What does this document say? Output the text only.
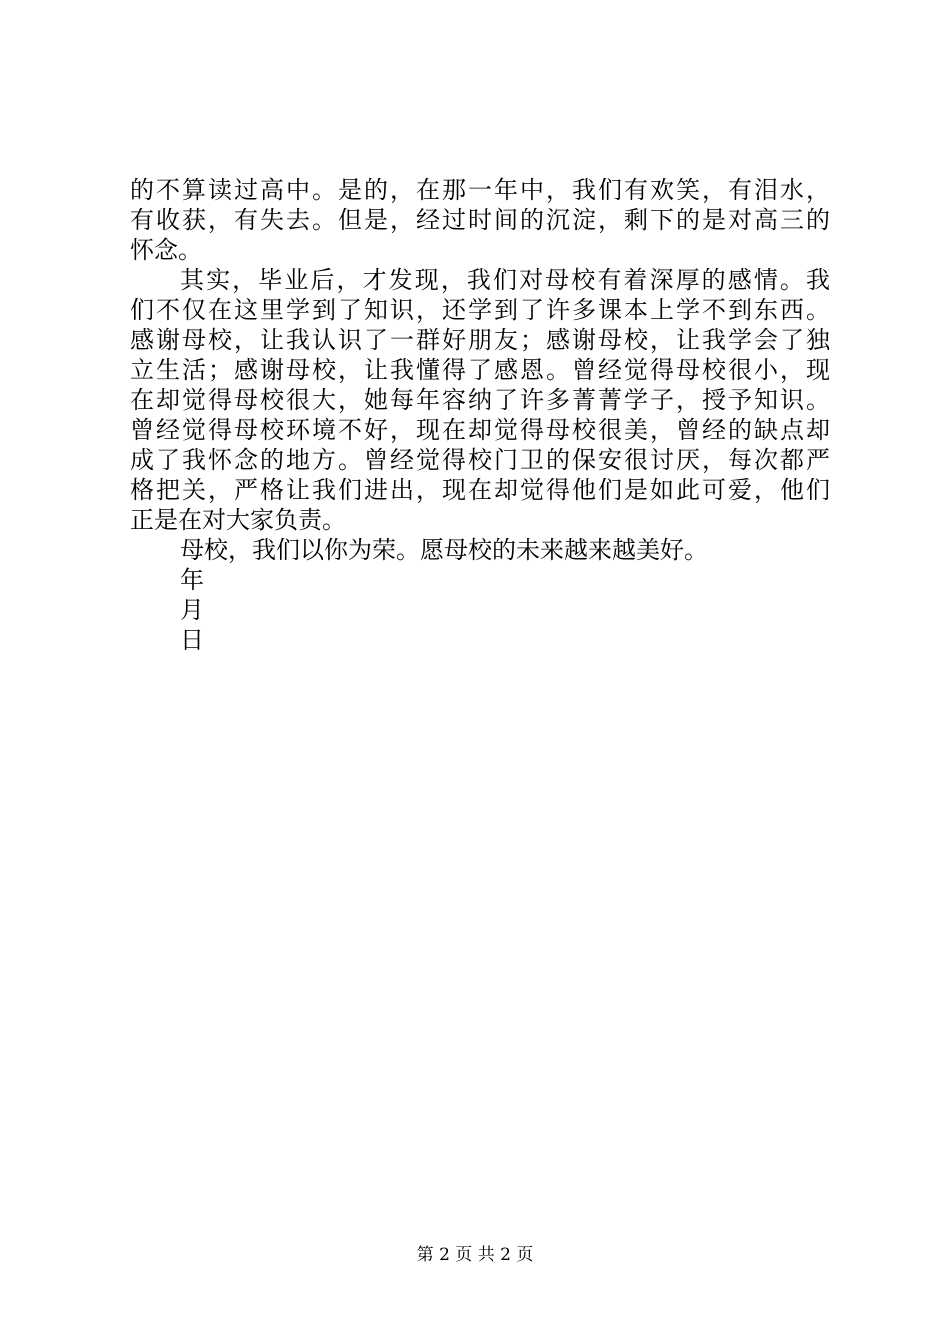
的不算读过高中。是的，在那一年中，我们有欢笑，有泪水，
有收获，有失去。但是，经过时间的沉淀，剩下的是对高三的
怀念。
其实，毕业后，才发现，我们对母校有着深厚的感情。我
们不仅在这里学到了知识，还学到了许多课本上学不到东西。
感谢母校，让我认识了一群好朋友；感谢母校，让我学会了独
立生活；感谢母校，让我懂得了感恩。曾经觉得母校很小，现
在却觉得母校很大，她每年容纳了许多菁菁学子，授予知识。
曾经觉得母校环境不好，现在却觉得母校很美，曾经的缺点却
成了我怀念的地方。曾经觉得校门卫的保安很讨厌，每次都严
格把关，严格让我们进出，现在却觉得他们是如此可爱，他们
正是在对大家负责。
母校，我们以你为荣。愿母校的未来越来越美好。
年
月
日
第 2 页 共 2 页
